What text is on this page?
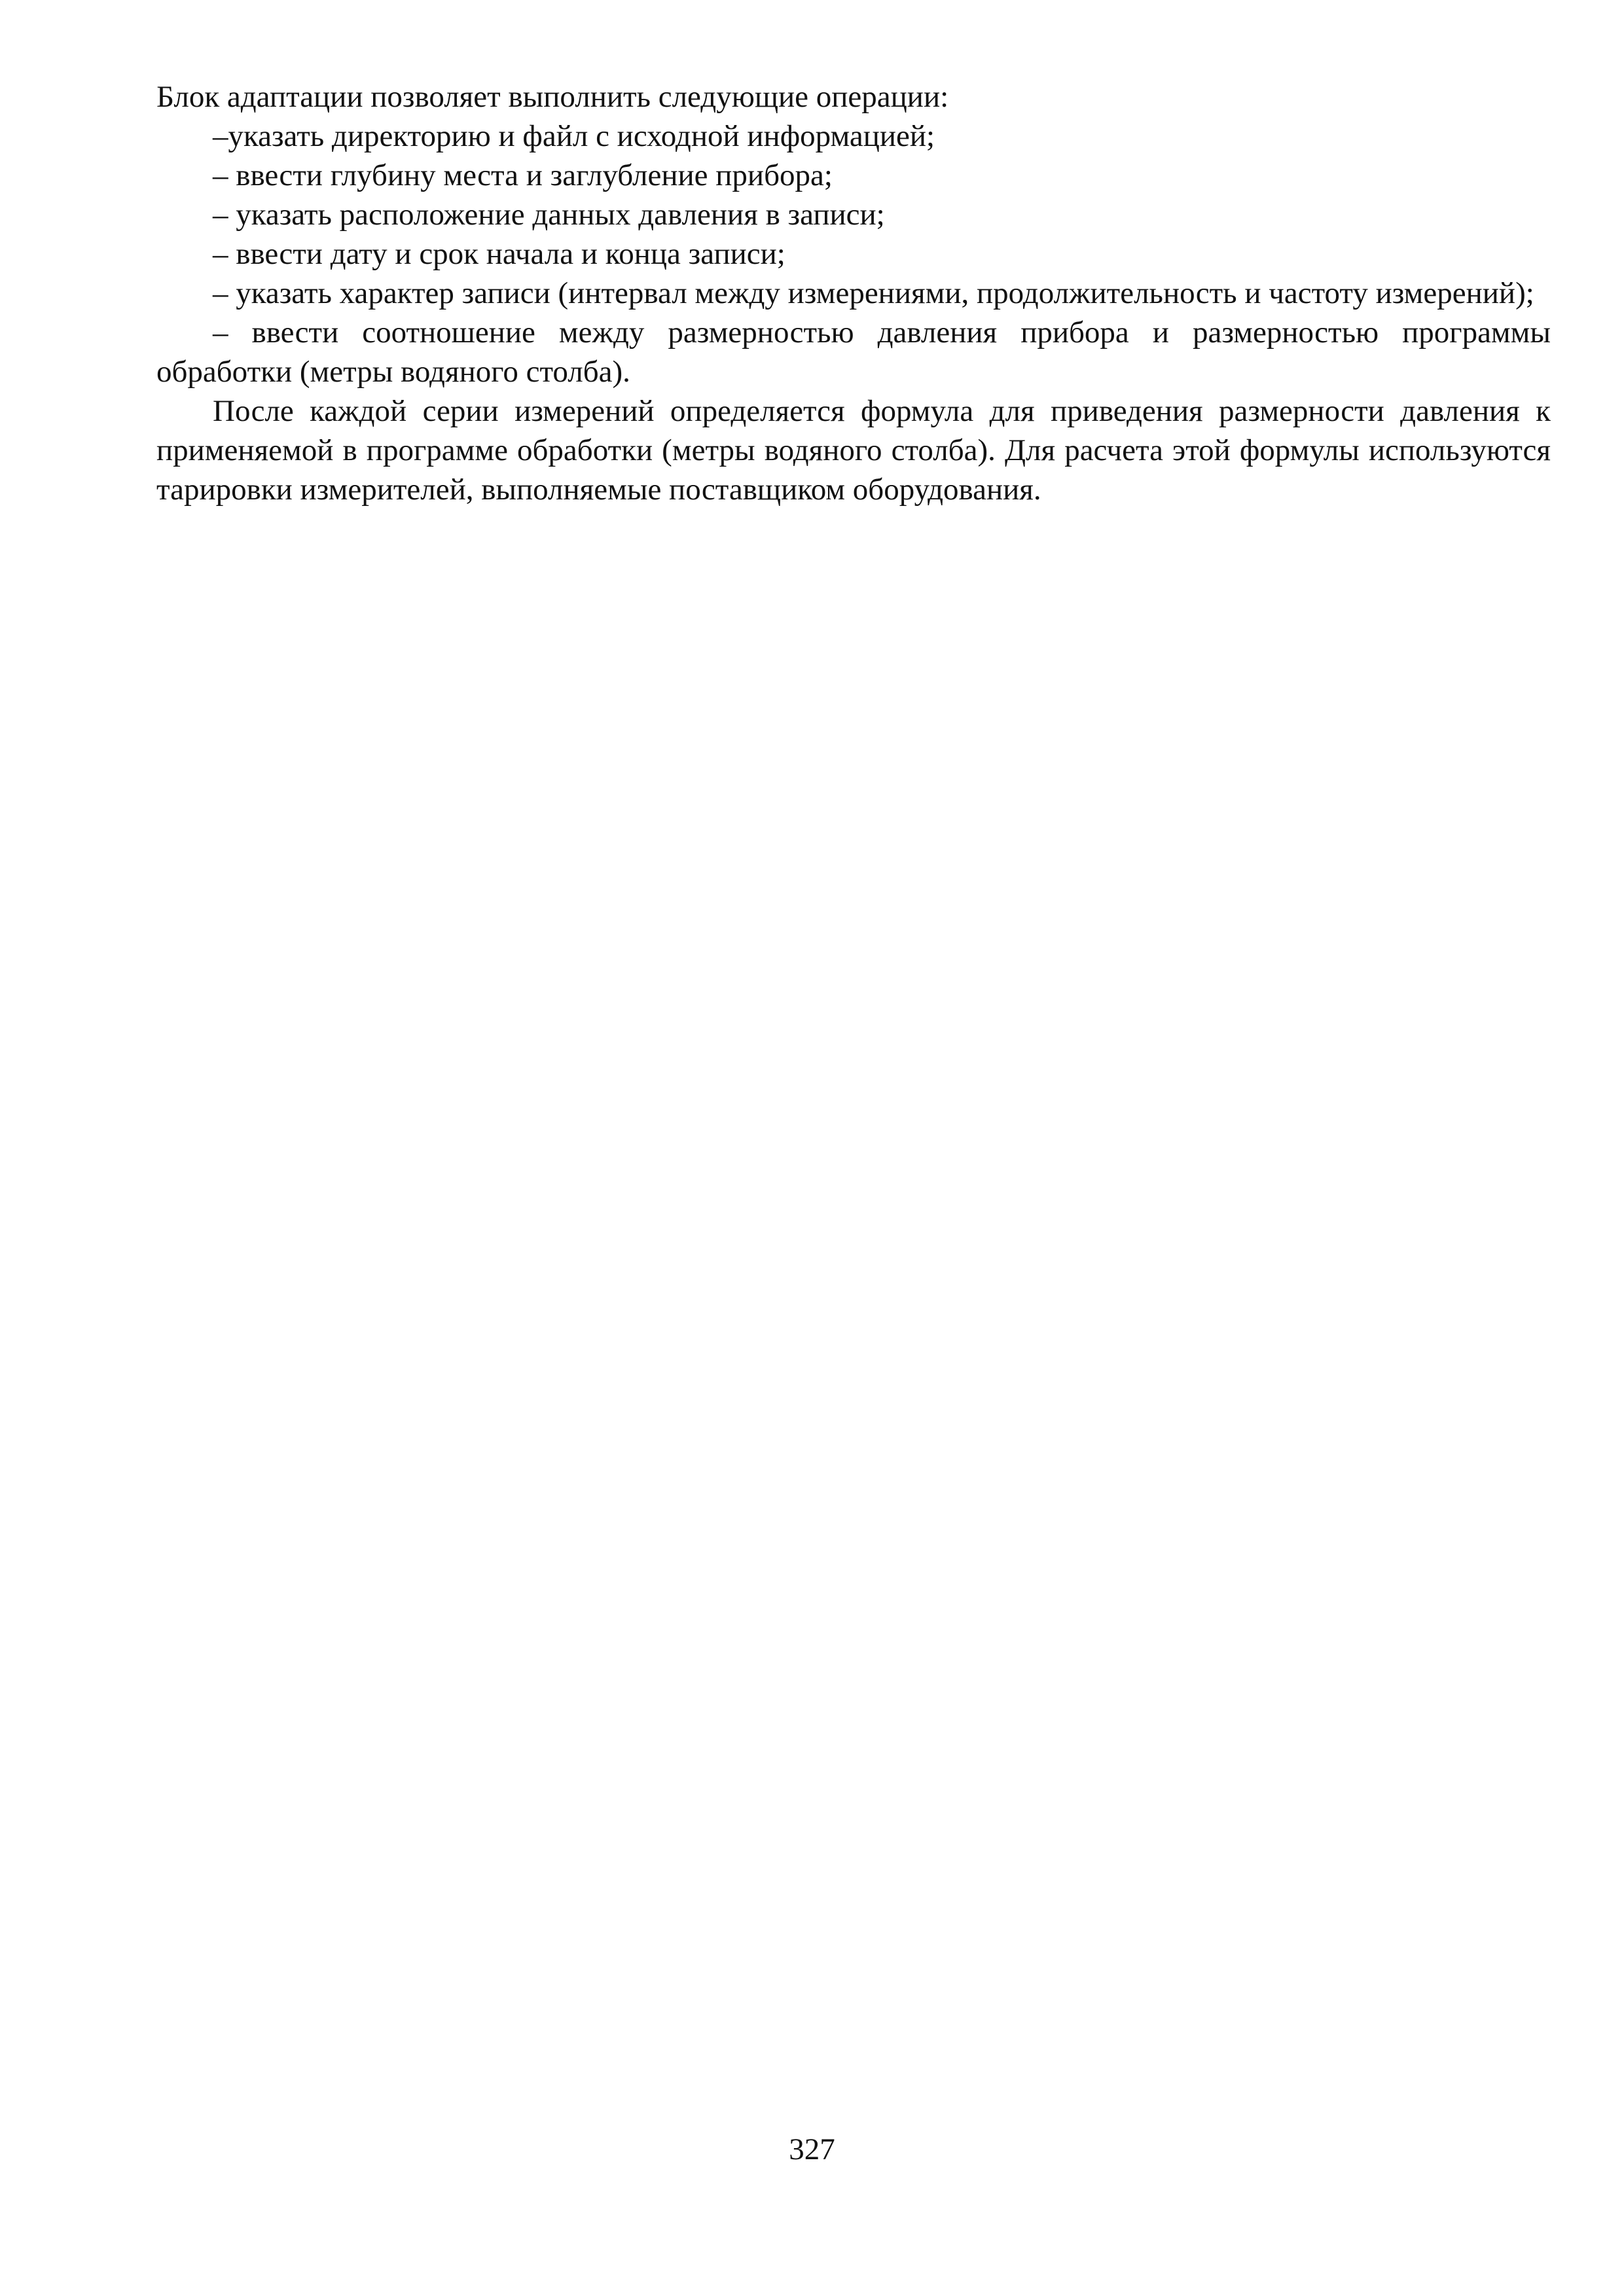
Блок адаптации позволяет выполнить следующие операции:

–указать директорию и файл с исходной информацией;

– ввести глубину места и заглубление прибора;

– указать расположение данных давления в записи;

– ввести дату и срок начала и конца записи;

– указать характер записи (интервал между измерениями, продолжительность и частоту измерений);

– ввести соотношение между размерностью давления прибора и размерностью программы обработки (метры водяного столба).

После каждой серии измерений определяется формула для приведения размерности давления к применяемой в программе обработки (метры водяного столба). Для расчета этой формулы используются тарировки измерителей, выполняемые поставщиком оборудования.

327
